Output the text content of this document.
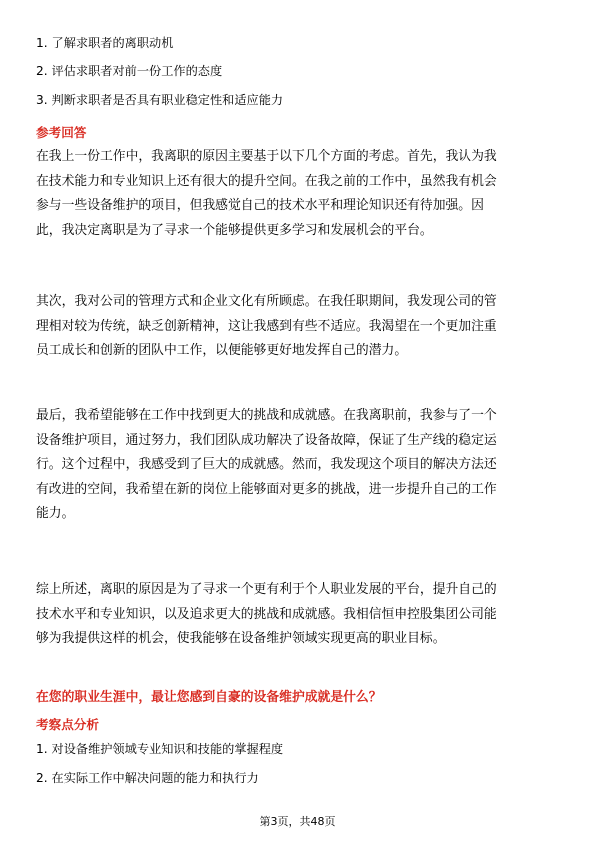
1. 了解求职者的离职动机
2. 评估求职者对前一份工作的态度
3. 判断求职者是否具有职业稳定性和适应能力
参考回答
在我上一份工作中，我离职的原因主要基于以下几个方面的考虑。首先，我认为我
在技术能力和专业知识上还有很大的提升空间。在我之前的工作中，虽然我有机会
参与一些设备维护的项目，但我感觉自己的技术水平和理论知识还有待加强。因
此，我决定离职是为了寻求一个能够提供更多学习和发展机会的平台。
其次，我对公司的管理方式和企业文化有所顾虑。在我任职期间，我发现公司的管
理相对较为传统，缺乏创新精神，这让我感到有些不适应。我渴望在一个更加注重
员工成长和创新的团队中工作，以便能够更好地发挥自己的潜力。
最后，我希望能够在工作中找到更大的挑战和成就感。在我离职前，我参与了一个
设备维护项目，通过努力，我们团队成功解决了设备故障，保证了生产线的稳定运
行。这个过程中，我感受到了巨大的成就感。然而，我发现这个项目的解决方法还
有改进的空间，我希望在新的岗位上能够面对更多的挑战，进一步提升自己的工作
能力。
综上所述，离职的原因是为了寻求一个更有利于个人职业发展的平台，提升自己的
技术水平和专业知识，以及追求更大的挑战和成就感。我相信恒申控股集团公司能
够为我提供这样的机会，使我能够在设备维护领域实现更高的职业目标。
在您的职业生涯中，最让您感到自豪的设备维护成就是什么？
考察点分析
1. 对设备维护领域专业知识和技能的掌握程度
2. 在实际工作中解决问题的能力和执行力
第3页，共48页
